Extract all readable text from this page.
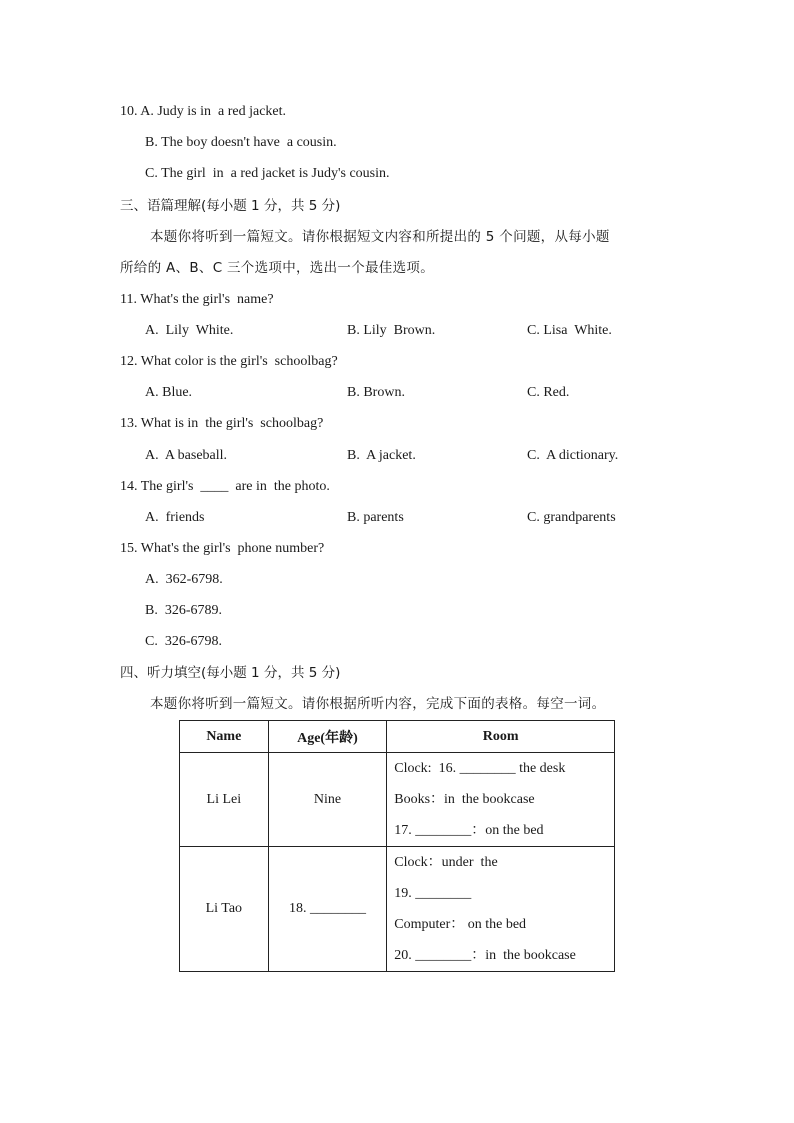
10. A. Judy is in  a red jacket.
B. The boy doesn't have  a cousin.
C. The girl  in  a red jacket is Judy's cousin.
三、语篇理解(每小题 1 分，共 5 分)
本题你将听到一篇短文。请你根据短文内容和所提出的 5 个问题，从每小题
所给的 A、B、C 三个选项中，选出一个最佳选项。
11. What's the girl's  name?
A.  Lily  White.	B. Lily  Brown.	C. Lisa  White.
12. What color is the girl's  schoolbag?
A. Blue.	B. Brown.	C. Red.
13. What is in  the girl's  schoolbag?
A.  A baseball.	B.  A jacket.	C.  A dictionary.
14. The girl's  ____  are in  the photo.
A.  friends	B. parents	C. grandparents
15. What's the girl's  phone number?
A.  362-6798.
B.  326-6789.
C.  326-6798.
四、听力填空(每小题 1 分，共 5 分)
本题你将听到一篇短文。请你根据所听内容，完成下面的表格。每空一词。
Name	Age(年龄)	Room
Li Lei	Nine	Clock:  16. ________ the desk
Books：in  the bookcase
17. ________：on the bed

Li Tao	18. ________	Clock：under  the
19. ________
Computer： on the bed
20. ________：in  the bookcase
